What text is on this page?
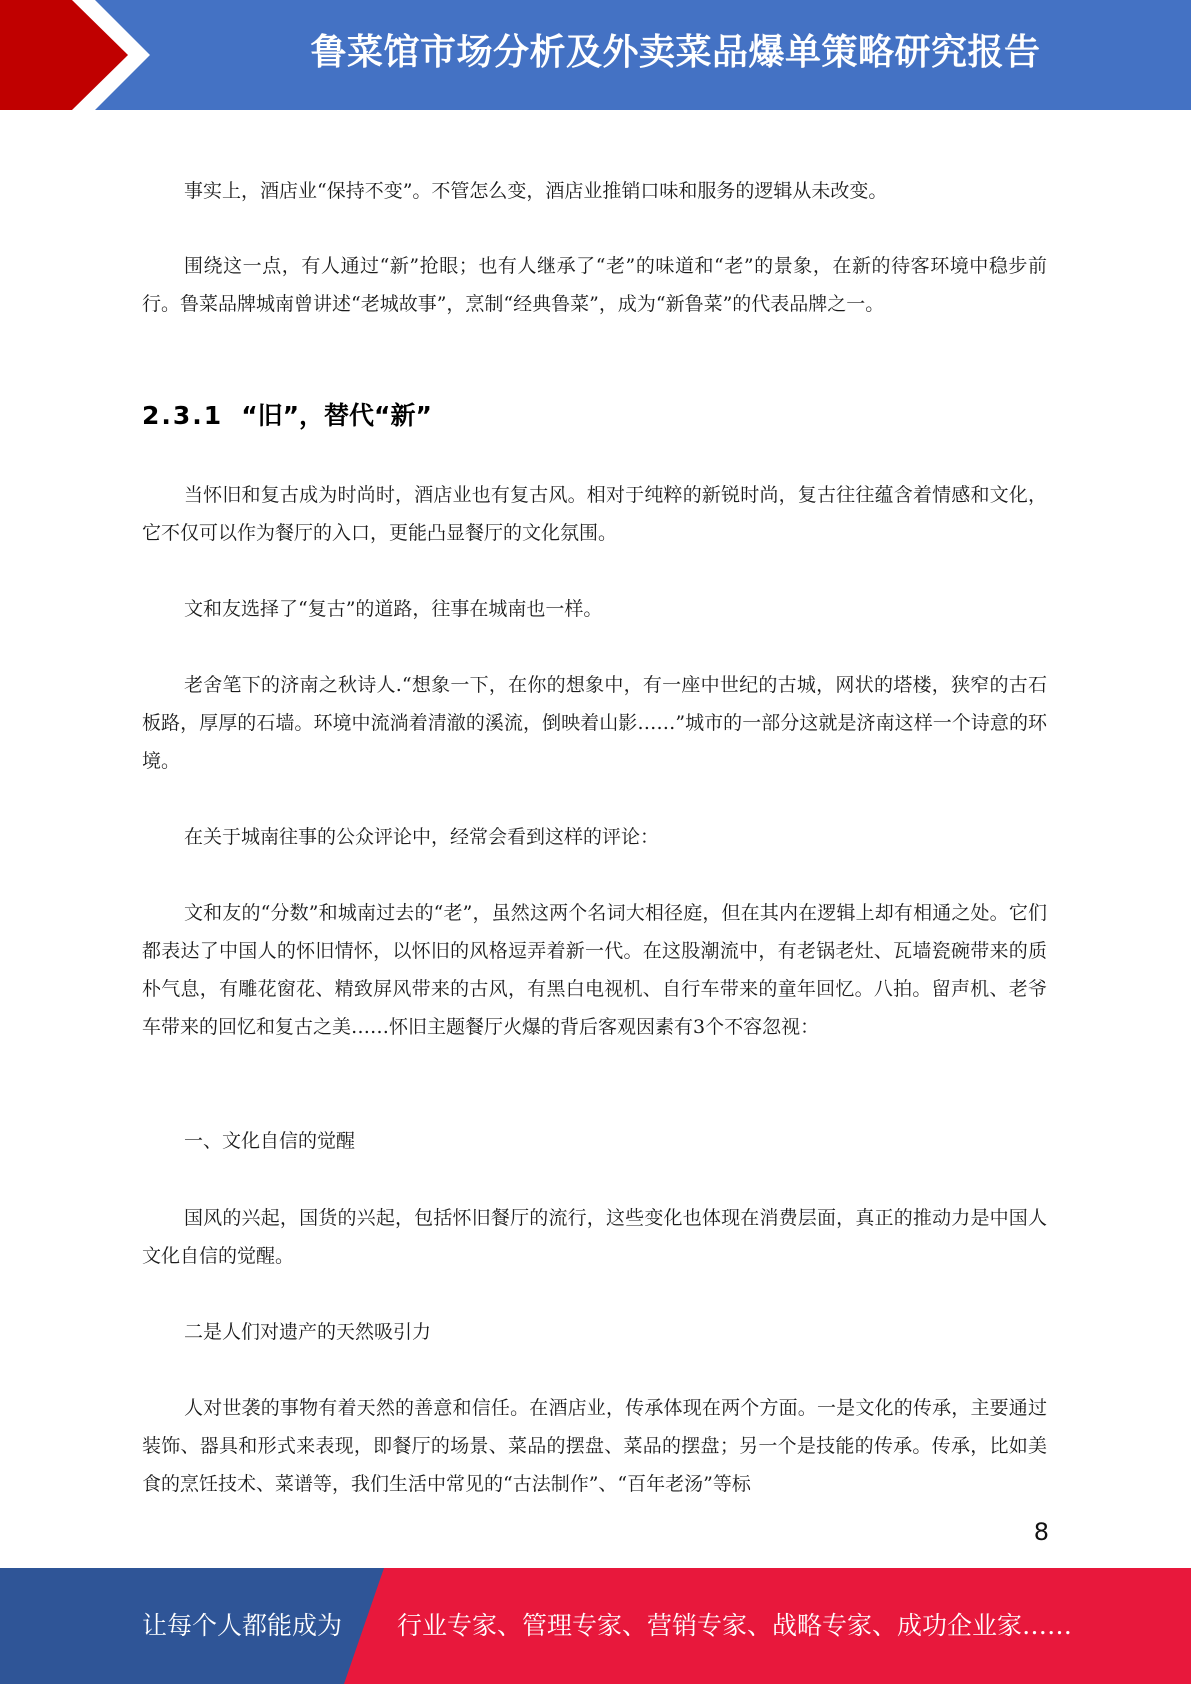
鲁菜馆市场分析及外卖菜品爆单策略研究报告

事实上，酒店业“保持不变”。不管怎么变，酒店业推销口味和服务的逻辑从未改变。

围绕这一点，有人通过“新”抢眼；也有人继承了“老”的味道和“老”的景象，在新的待客环境中稳步前行。鲁菜品牌城南曾讲述“老城故事”，烹制“经典鲁菜”，成为“新鲁菜”的代表品牌之一。

2.3.1 “旧”，替代“新”

当怀旧和复古成为时尚时，酒店业也有复古风。相对于纯粹的新锐时尚，复古往往蕴含着情感和文化，它不仅可以作为餐厅的入口，更能凸显餐厅的文化氛围。

文和友选择了“复古”的道路，往事在城南也一样。

老舍笔下的济南之秋诗人.“想象一下，在你的想象中，有一座中世纪的古城，网状的塔楼，狭窄的古石板路，厚厚的石墙。环境中流淌着清澈的溪流，倒映着山影……”城市的一部分这就是济南这样一个诗意的环境。

在关于城南往事的公众评论中，经常会看到这样的评论：

文和友的“分数”和城南过去的“老”，虽然这两个名词大相径庭，但在其内在逻辑上却有相通之处。它们都表达了中国人的怀旧情怀，以怀旧的风格逗弄着新一代。在这股潮流中，有老锅老灶、瓦墙瓷碗带来的质朴气息，有雕花窗花、精致屏风带来的古风，有黑白电视机、自行车带来的童年回忆。八拍。留声机、老爷车带来的回忆和复古之美……怀旧主题餐厅火爆的背后客观因素有3个不容忽视：

一、文化自信的觉醒

国风的兴起，国货的兴起，包括怀旧餐厅的流行，这些变化也体现在消费层面，真正的推动力是中国人文化自信的觉醒。

二是人们对遗产的天然吸引力

人对世袭的事物有着天然的善意和信任。在酒店业，传承体现在两个方面。一是文化的传承，主要通过装饰、器具和形式来表现，即餐厅的场景、菜品的摆盘、菜品的摆盘；另一个是技能的传承。传承，比如美食的烹饪技术、菜谱等，我们生活中常见的“古法制作”、“百年老汤”等标

8
让每个人都能成为 行业专家、管理专家、营销专家、战略专家、成功企业家……
